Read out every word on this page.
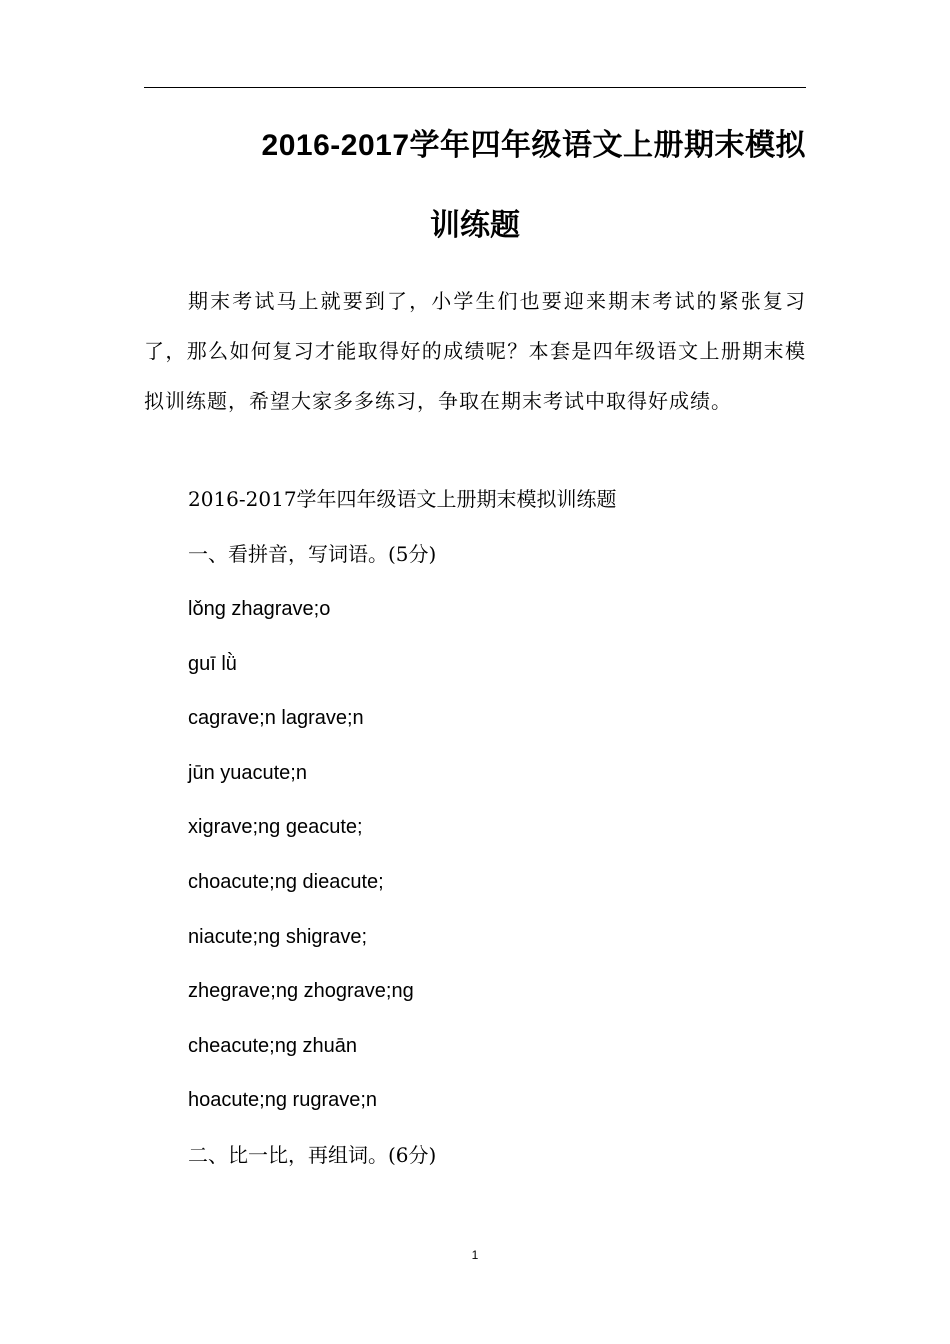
2016-2017学年四年级语文上册期末模拟
训练题

期末考试马上就要到了，小学生们也要迎来期末考试的紧张复习了，那么如何复习才能取得好的成绩呢？本套是四年级语文上册期末模拟训练题，希望大家多多练习，争取在期末考试中取得好成绩。

2016-2017学年四年级语文上册期末模拟训练题
一、看拼音，写词语。(5分)
lǒng zhagrave;o
guī lǜ
cagrave;n lagrave;n
jūn yuacute;n
xigrave;ng geacute;
choacute;ng dieacute;
niacute;ng shigrave;
zhegrave;ng zhograve;ng
cheacute;ng zhuān
hoacute;ng rugrave;n
二、比一比，再组词。(6分)
1
